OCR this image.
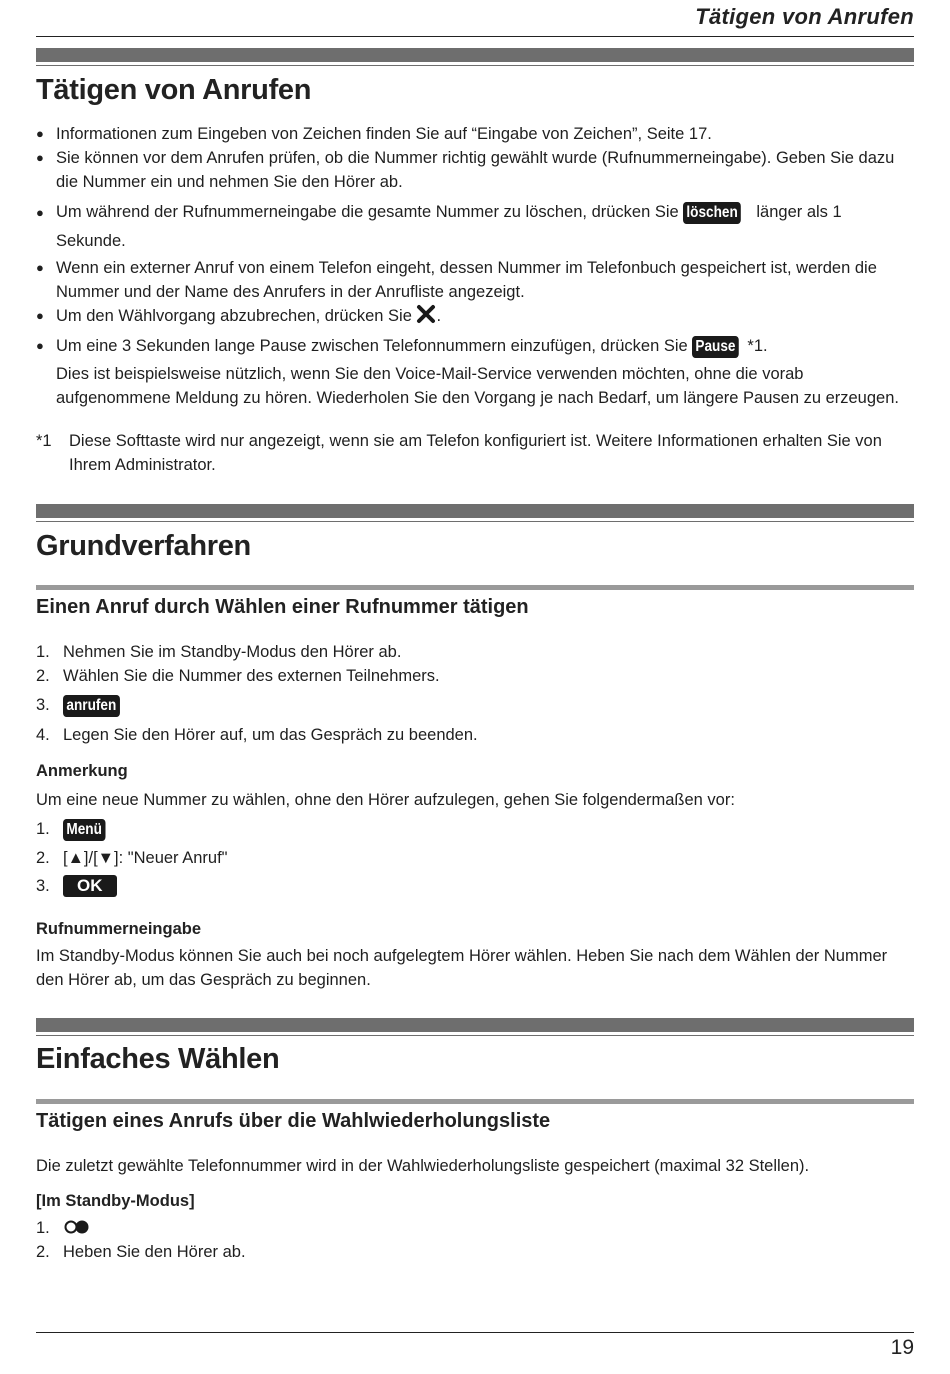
Tätigen von Anrufen
Tätigen von Anrufen
● Informationen zum Eingeben von Zeichen finden Sie auf “Eingabe von Zeichen”, Seite 17.
● Sie können vor dem Anrufen prüfen, ob die Nummer richtig gewählt wurde (Rufnummerneingabe). Geben Sie dazu die Nummer ein und nehmen Sie den Hörer ab.
● Um während der Rufnummerneingabe die gesamte Nummer zu löschen, drücken Sie löschen länger als 1 Sekunde.
● Wenn ein externer Anruf von einem Telefon eingeht, dessen Nummer im Telefonbuch gespeichert ist, werden die Nummer und der Name des Anrufers in der Anrufliste angezeigt.
● Um den Wählvorgang abzubrechen, drücken Sie .
● Um eine 3 Sekunden lange Pause zwischen Telefonnummern einzufügen, drücken Sie Pause *1.
Dies ist beispielsweise nützlich, wenn Sie den Voice-Mail-Service verwenden möchten, ohne die vorab aufgenommene Meldung zu hören. Wiederholen Sie den Vorgang je nach Bedarf, um längere Pausen zu erzeugen.
*1	Diese Softtaste wird nur angezeigt, wenn sie am Telefon konfiguriert ist. Weitere Informationen erhalten Sie von Ihrem Administrator.
Grundverfahren
Einen Anruf durch Wählen einer Rufnummer tätigen
1. Nehmen Sie im Standby-Modus den Hörer ab.
2. Wählen Sie die Nummer des externen Teilnehmers.
3. anrufen
4. Legen Sie den Hörer auf, um das Gespräch zu beenden.
Anmerkung
Um eine neue Nummer zu wählen, ohne den Hörer aufzulegen, gehen Sie folgendermaßen vor:
1. Menü
2. [▲]/[▼]: "Neuer Anruf"
3. OK
Rufnummerneingabe
Im Standby-Modus können Sie auch bei noch aufgelegtem Hörer wählen. Heben Sie nach dem Wählen der Nummer den Hörer ab, um das Gespräch zu beginnen.
Einfaches Wählen
Tätigen eines Anrufs über die Wahlwiederholungsliste
Die zuletzt gewählte Telefonnummer wird in der Wahlwiederholungsliste gespeichert (maximal 32 Stellen).
[Im Standby-Modus]
1.
2. Heben Sie den Hörer ab.
19
